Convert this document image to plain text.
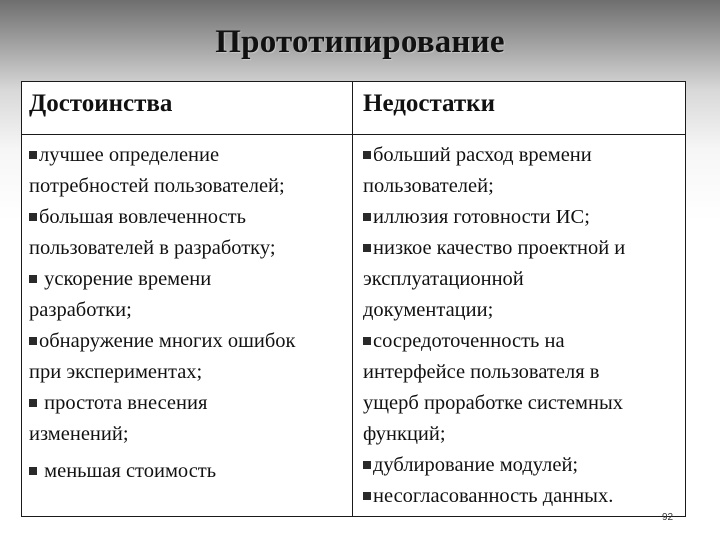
Прототипирование
Достоинства	Недостатки
лучшее определение
потребностей пользователей;
большая вовлеченность
пользователей в разработку;
ускорение времени
разработки;
обнаружение многих ошибок
при экспериментах;
простота внесения
изменений;
меньшая стоимость
больший расход времени
пользователей;
иллюзия готовности ИС;
низкое качество проектной и
эксплуатационной
документации;
сосредоточенность на
интерфейсе пользователя в
ущерб проработке системных
функций;
дублирование модулей;
несогласованность данных.
92
